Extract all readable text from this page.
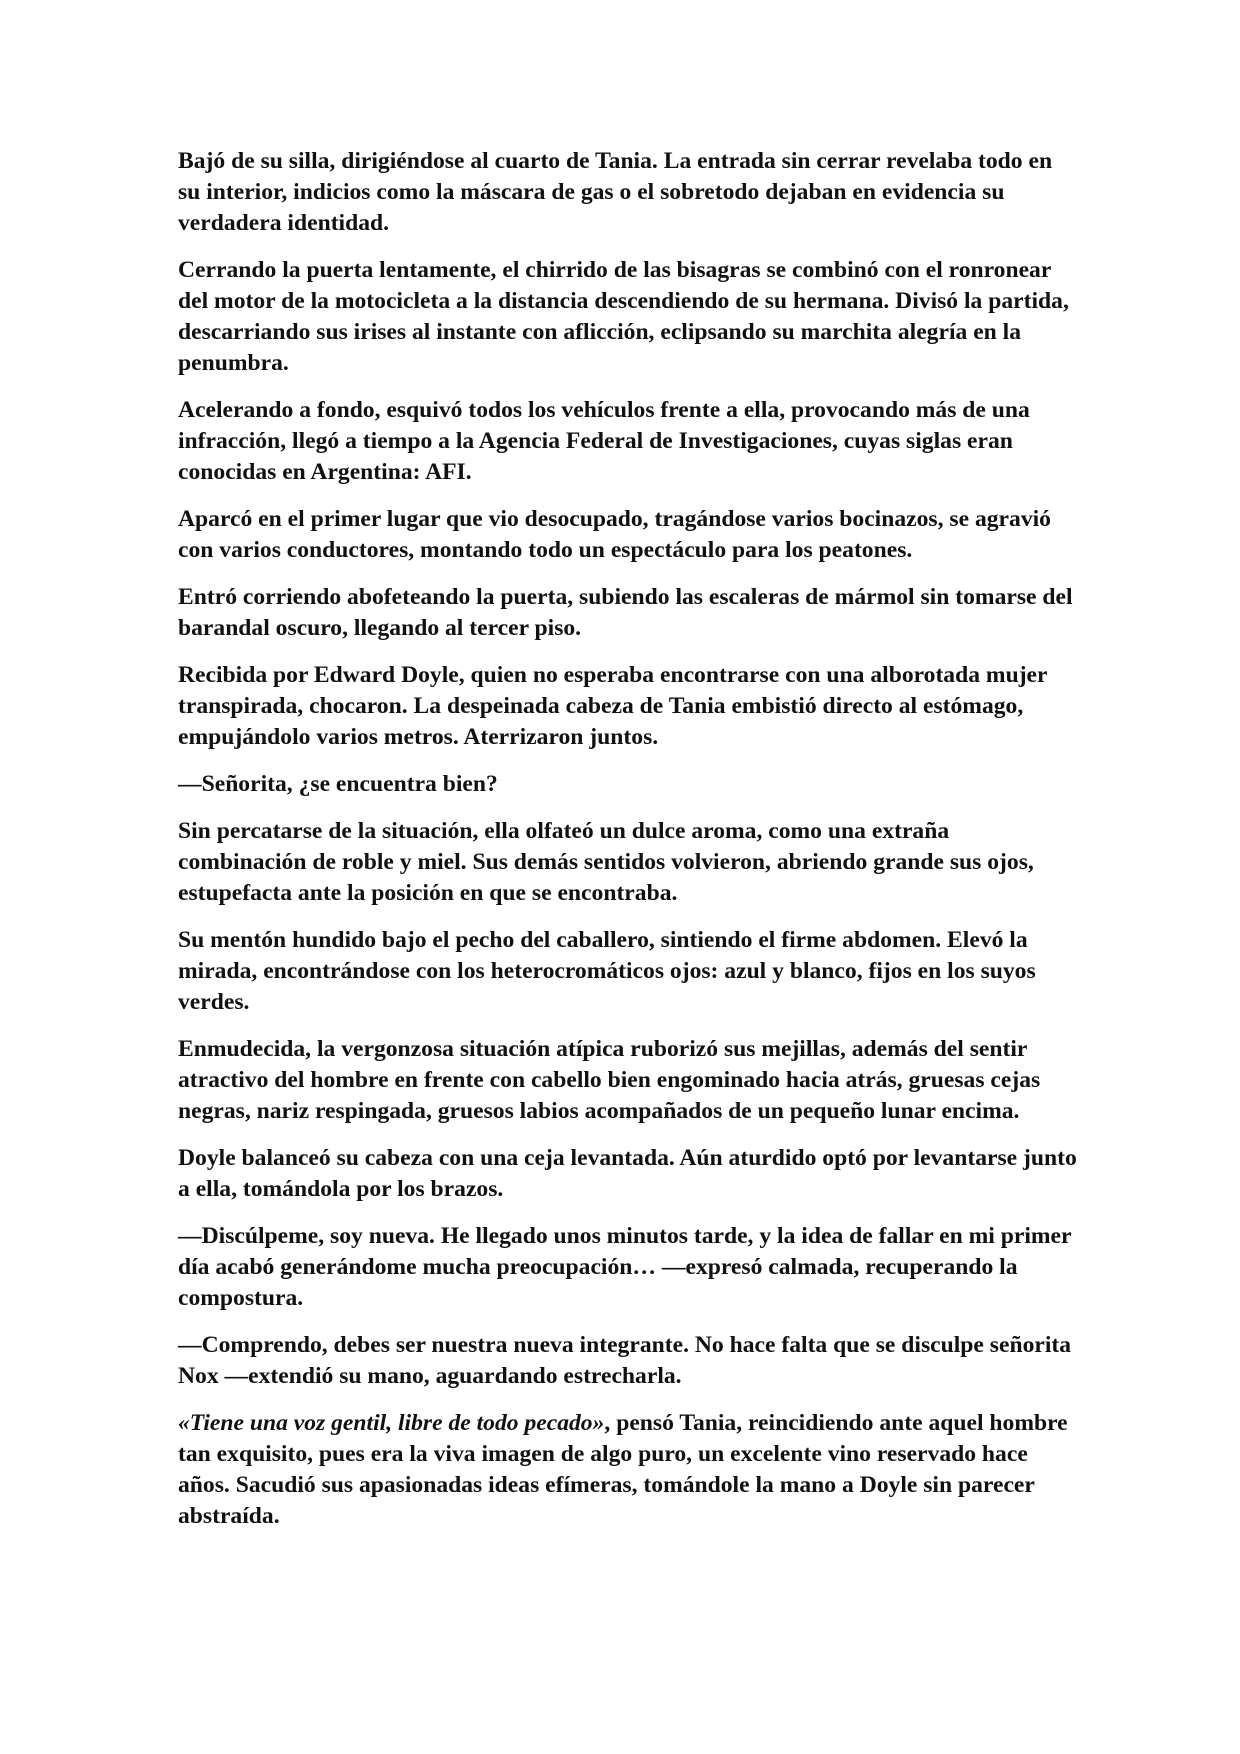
Bajó de su silla, dirigiéndose al cuarto de Tania. La entrada sin cerrar revelaba todo en su interior, indicios como la máscara de gas o el sobretodo dejaban en evidencia su verdadera identidad.

Cerrando la puerta lentamente, el chirrido de las bisagras se combinó con el ronronear del motor de la motocicleta a la distancia descendiendo de su hermana. Divisó la partida, descarriando sus irises al instante con aflicción, eclipsando su marchita alegría en la penumbra.

Acelerando a fondo, esquivó todos los vehículos frente a ella, provocando más de una infracción, llegó a tiempo a la Agencia Federal de Investigaciones, cuyas siglas eran conocidas en Argentina: AFI.

Aparcó en el primer lugar que vio desocupado, tragándose varios bocinazos, se agravió con varios conductores, montando todo un espectáculo para los peatones.

Entró corriendo abofeteando la puerta, subiendo las escaleras de mármol sin tomarse del barandal oscuro, llegando al tercer piso.

Recibida por Edward Doyle, quien no esperaba encontrarse con una alborotada mujer transpirada, chocaron. La despeinada cabeza de Tania embistió directo al estómago, empujándolo varios metros. Aterrizaron juntos.

—Señorita, ¿se encuentra bien?

Sin percatarse de la situación, ella olfateó un dulce aroma, como una extraña combinación de roble y miel. Sus demás sentidos volvieron, abriendo grande sus ojos, estupefacta ante la posición en que se encontraba.

Su mentón hundido bajo el pecho del caballero, sintiendo el firme abdomen. Elevó la mirada, encontrándose con los heterocromáticos ojos: azul y blanco, fijos en los suyos verdes.

Enmudecida, la vergonzosa situación atípica ruborizó sus mejillas, además del sentir atractivo del hombre en frente con cabello bien engominado hacia atrás, gruesas cejas negras, nariz respingada, gruesos labios acompañados de un pequeño lunar encima.

Doyle balanceó su cabeza con una ceja levantada. Aún aturdido optó por levantarse junto a ella, tomándola por los brazos.

—Discúlpeme, soy nueva. He llegado unos minutos tarde, y la idea de fallar en mi primer día acabó generándome mucha preocupación… —expresó calmada, recuperando la compostura.

—Comprendo, debes ser nuestra nueva integrante. No hace falta que se disculpe señorita Nox —extendió su mano, aguardando estrecharla.

«Tiene una voz gentil, libre de todo pecado», pensó Tania, reincidiendo ante aquel hombre tan exquisito, pues era la viva imagen de algo puro, un excelente vino reservado hace años. Sacudió sus apasionadas ideas efímeras, tomándole la mano a Doyle sin parecer abstraída.
